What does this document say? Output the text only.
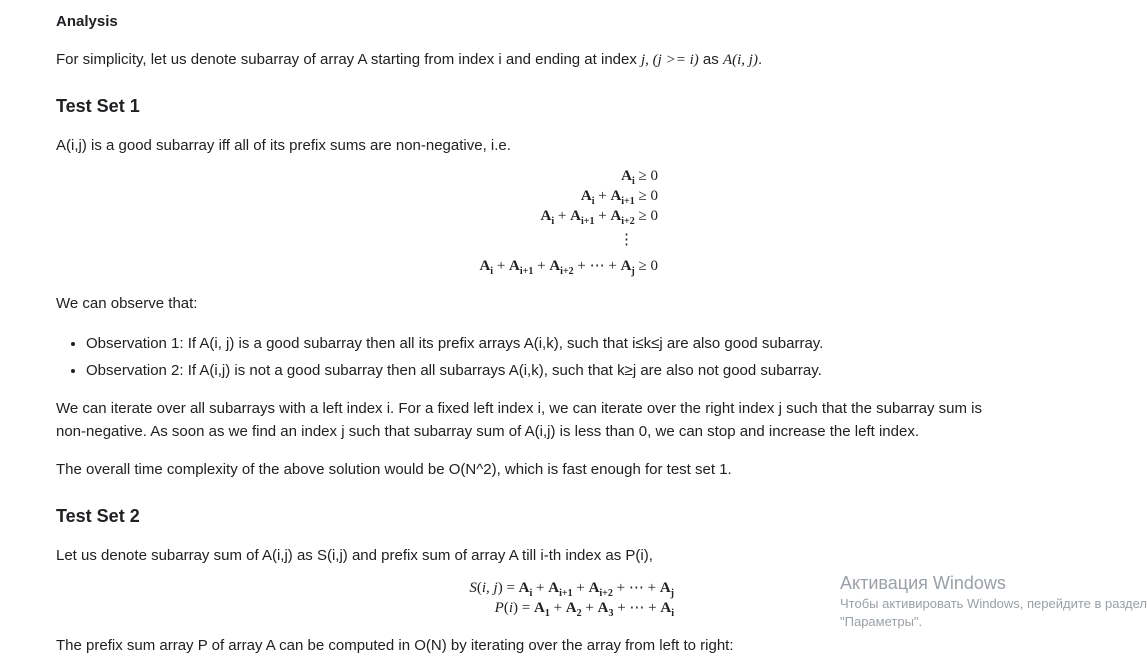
Analysis
For simplicity, let us denote subarray of array A starting from index i and ending at index j, (j >= i) as A(i, j).
Test Set 1
A(i,j) is a good subarray iff all of its prefix sums are non-negative, i.e.
$A_i \ge 0$
$A_i + A_{i+1} \ge 0$
$A_i + A_{i+1} + A_{i+2} \ge 0$
⋮
$A_i + A_{i+1} + A_{i+2}$ + ⋯ + $A_j \ge 0$
We can observe that:
• Observation 1: If A(i, j) is a good subarray then all its prefix arrays A(i,k), such that i≤k≤j are also good subarray.
• Observation 2: If A(i,j) is not a good subarray then all subarrays A(i,k), such that k≥j are also not good subarray.
We can iterate over all subarrays with a left index i. For a fixed left index i, we can iterate over the right index j such that the subarray sum is non-negative. As soon as we find an index j such that subarray sum of A(i,j) is less than 0, we can stop and increase the left index.
The overall time complexity of the above solution would be O(N^2), which is fast enough for test set 1.
Test Set 2
Let us denote subarray sum of A(i,j) as S(i,j) and prefix sum of array A till i-th index as P(i),
S(i, $j) = A_i + A_{i+1} + A_{i+2}$ + ⋯ + $A_j$
$P(i) = A_1 + A_2 + A_3$ + ⋯ + $A_i$
The prefix sum array P of array A can be computed in O(N) by iterating over the array from left to right:
Активация Windows
Чтобы активировать Windows, перейдите в раздел
"Параметры".
